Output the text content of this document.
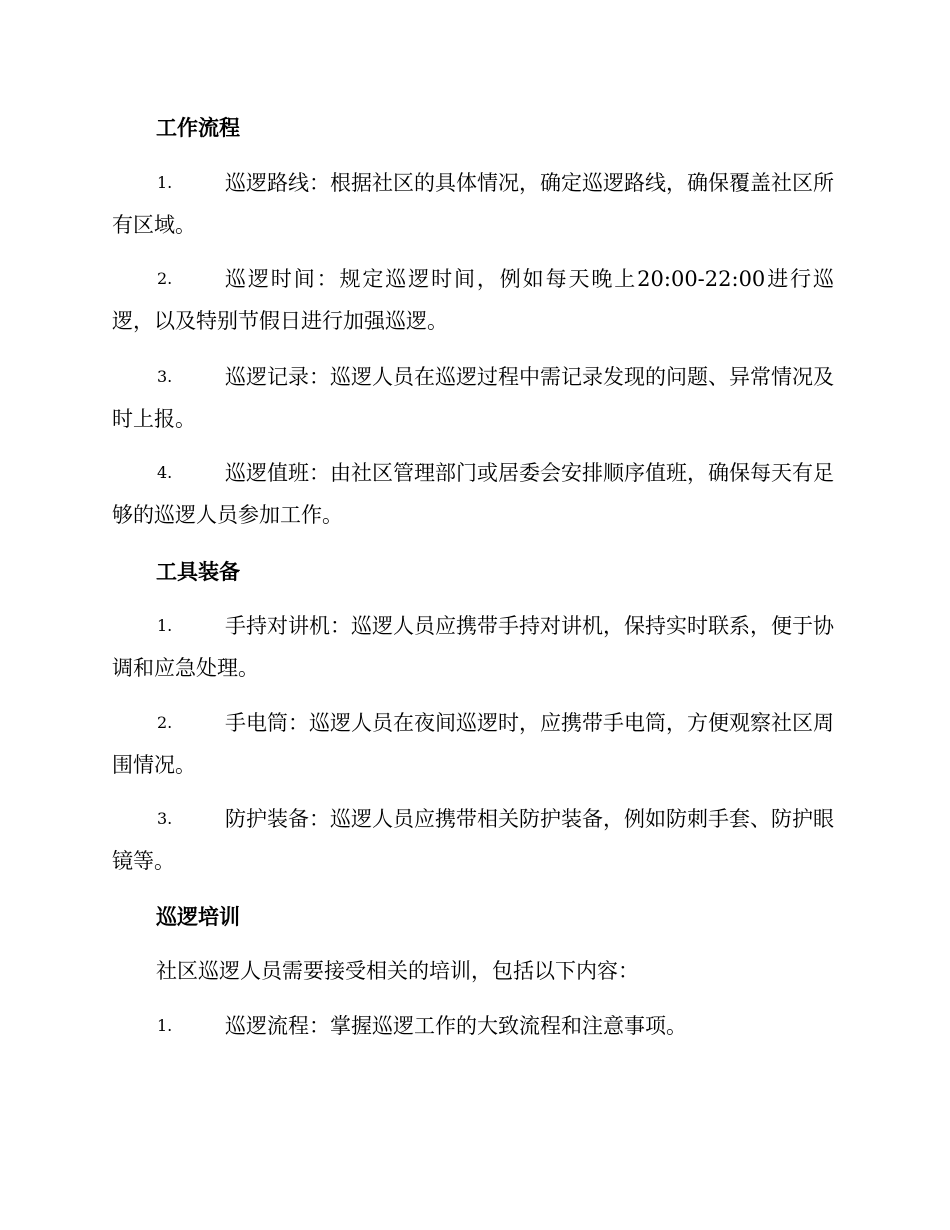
工作流程
1.	巡逻路线：根据社区的具体情况，确定巡逻路线，确保覆盖社区所有区域。
2.	巡逻时间：规定巡逻时间，例如每天晚上20:00-22:00进行巡逻，以及特别节假日进行加强巡逻。
3.	巡逻记录：巡逻人员在巡逻过程中需记录发现的问题、异常情况及时上报。
4.	巡逻值班：由社区管理部门或居委会安排顺序值班，确保每天有足够的巡逻人员参加工作。
工具装备
1.	手持对讲机：巡逻人员应携带手持对讲机，保持实时联系，便于协调和应急处理。
2.	手电筒：巡逻人员在夜间巡逻时，应携带手电筒，方便观察社区周围情况。
3.	防护装备：巡逻人员应携带相关防护装备，例如防刺手套、防护眼镜等。
巡逻培训
社区巡逻人员需要接受相关的培训，包括以下内容：
1.	巡逻流程：掌握巡逻工作的大致流程和注意事项。
